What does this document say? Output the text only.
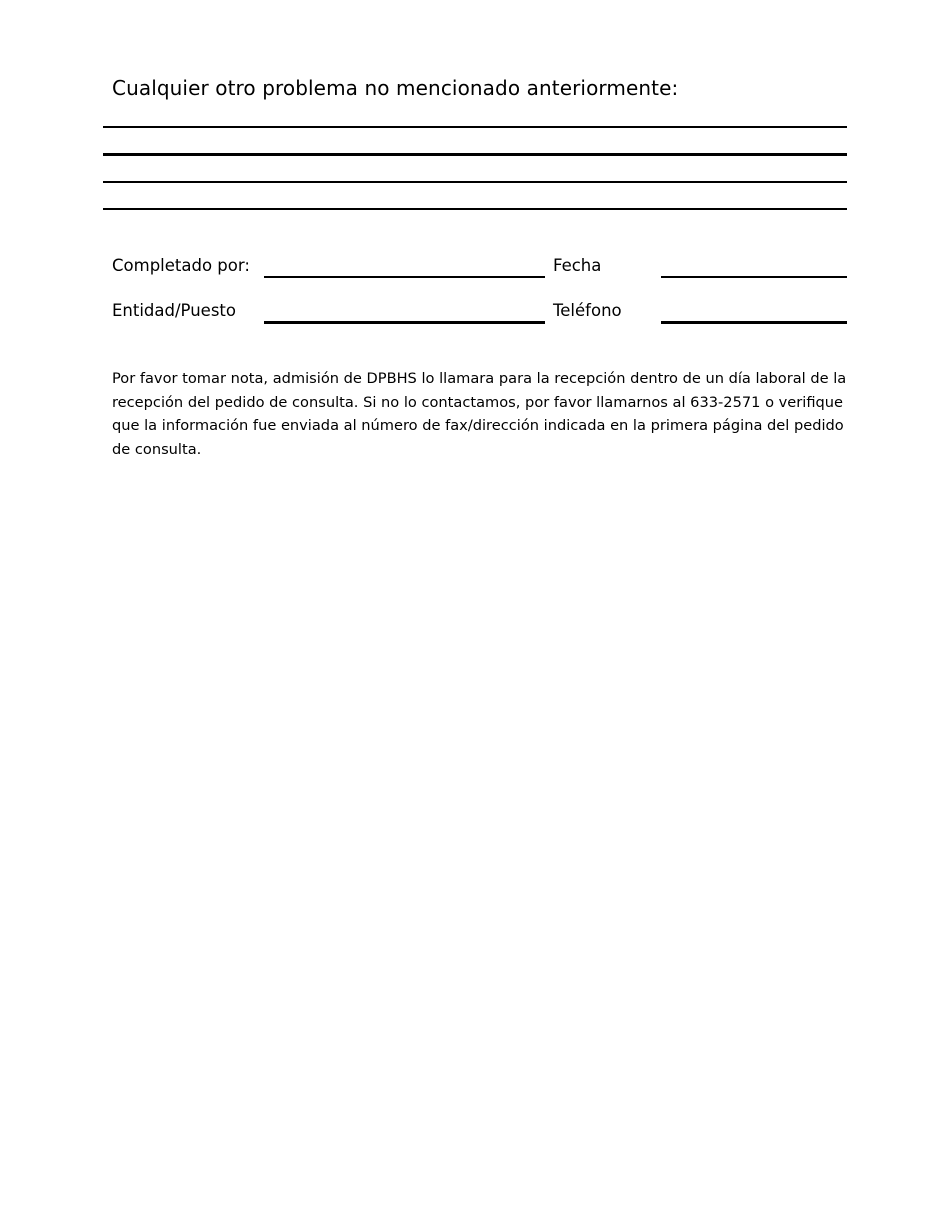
Cualquier otro problema no mencionado anteriormente:
Completado por:	Fecha
Entidad/Puesto	Teléfono
Por favor tomar nota, admisión de DPBHS lo llamara para la recepción dentro de un día laboral de la recepción del pedido de consulta. Si no lo contactamos, por favor llamarnos al 633-2571 o verifique que la información fue enviada al número de fax/dirección indicada en la primera página del pedido de consulta.
